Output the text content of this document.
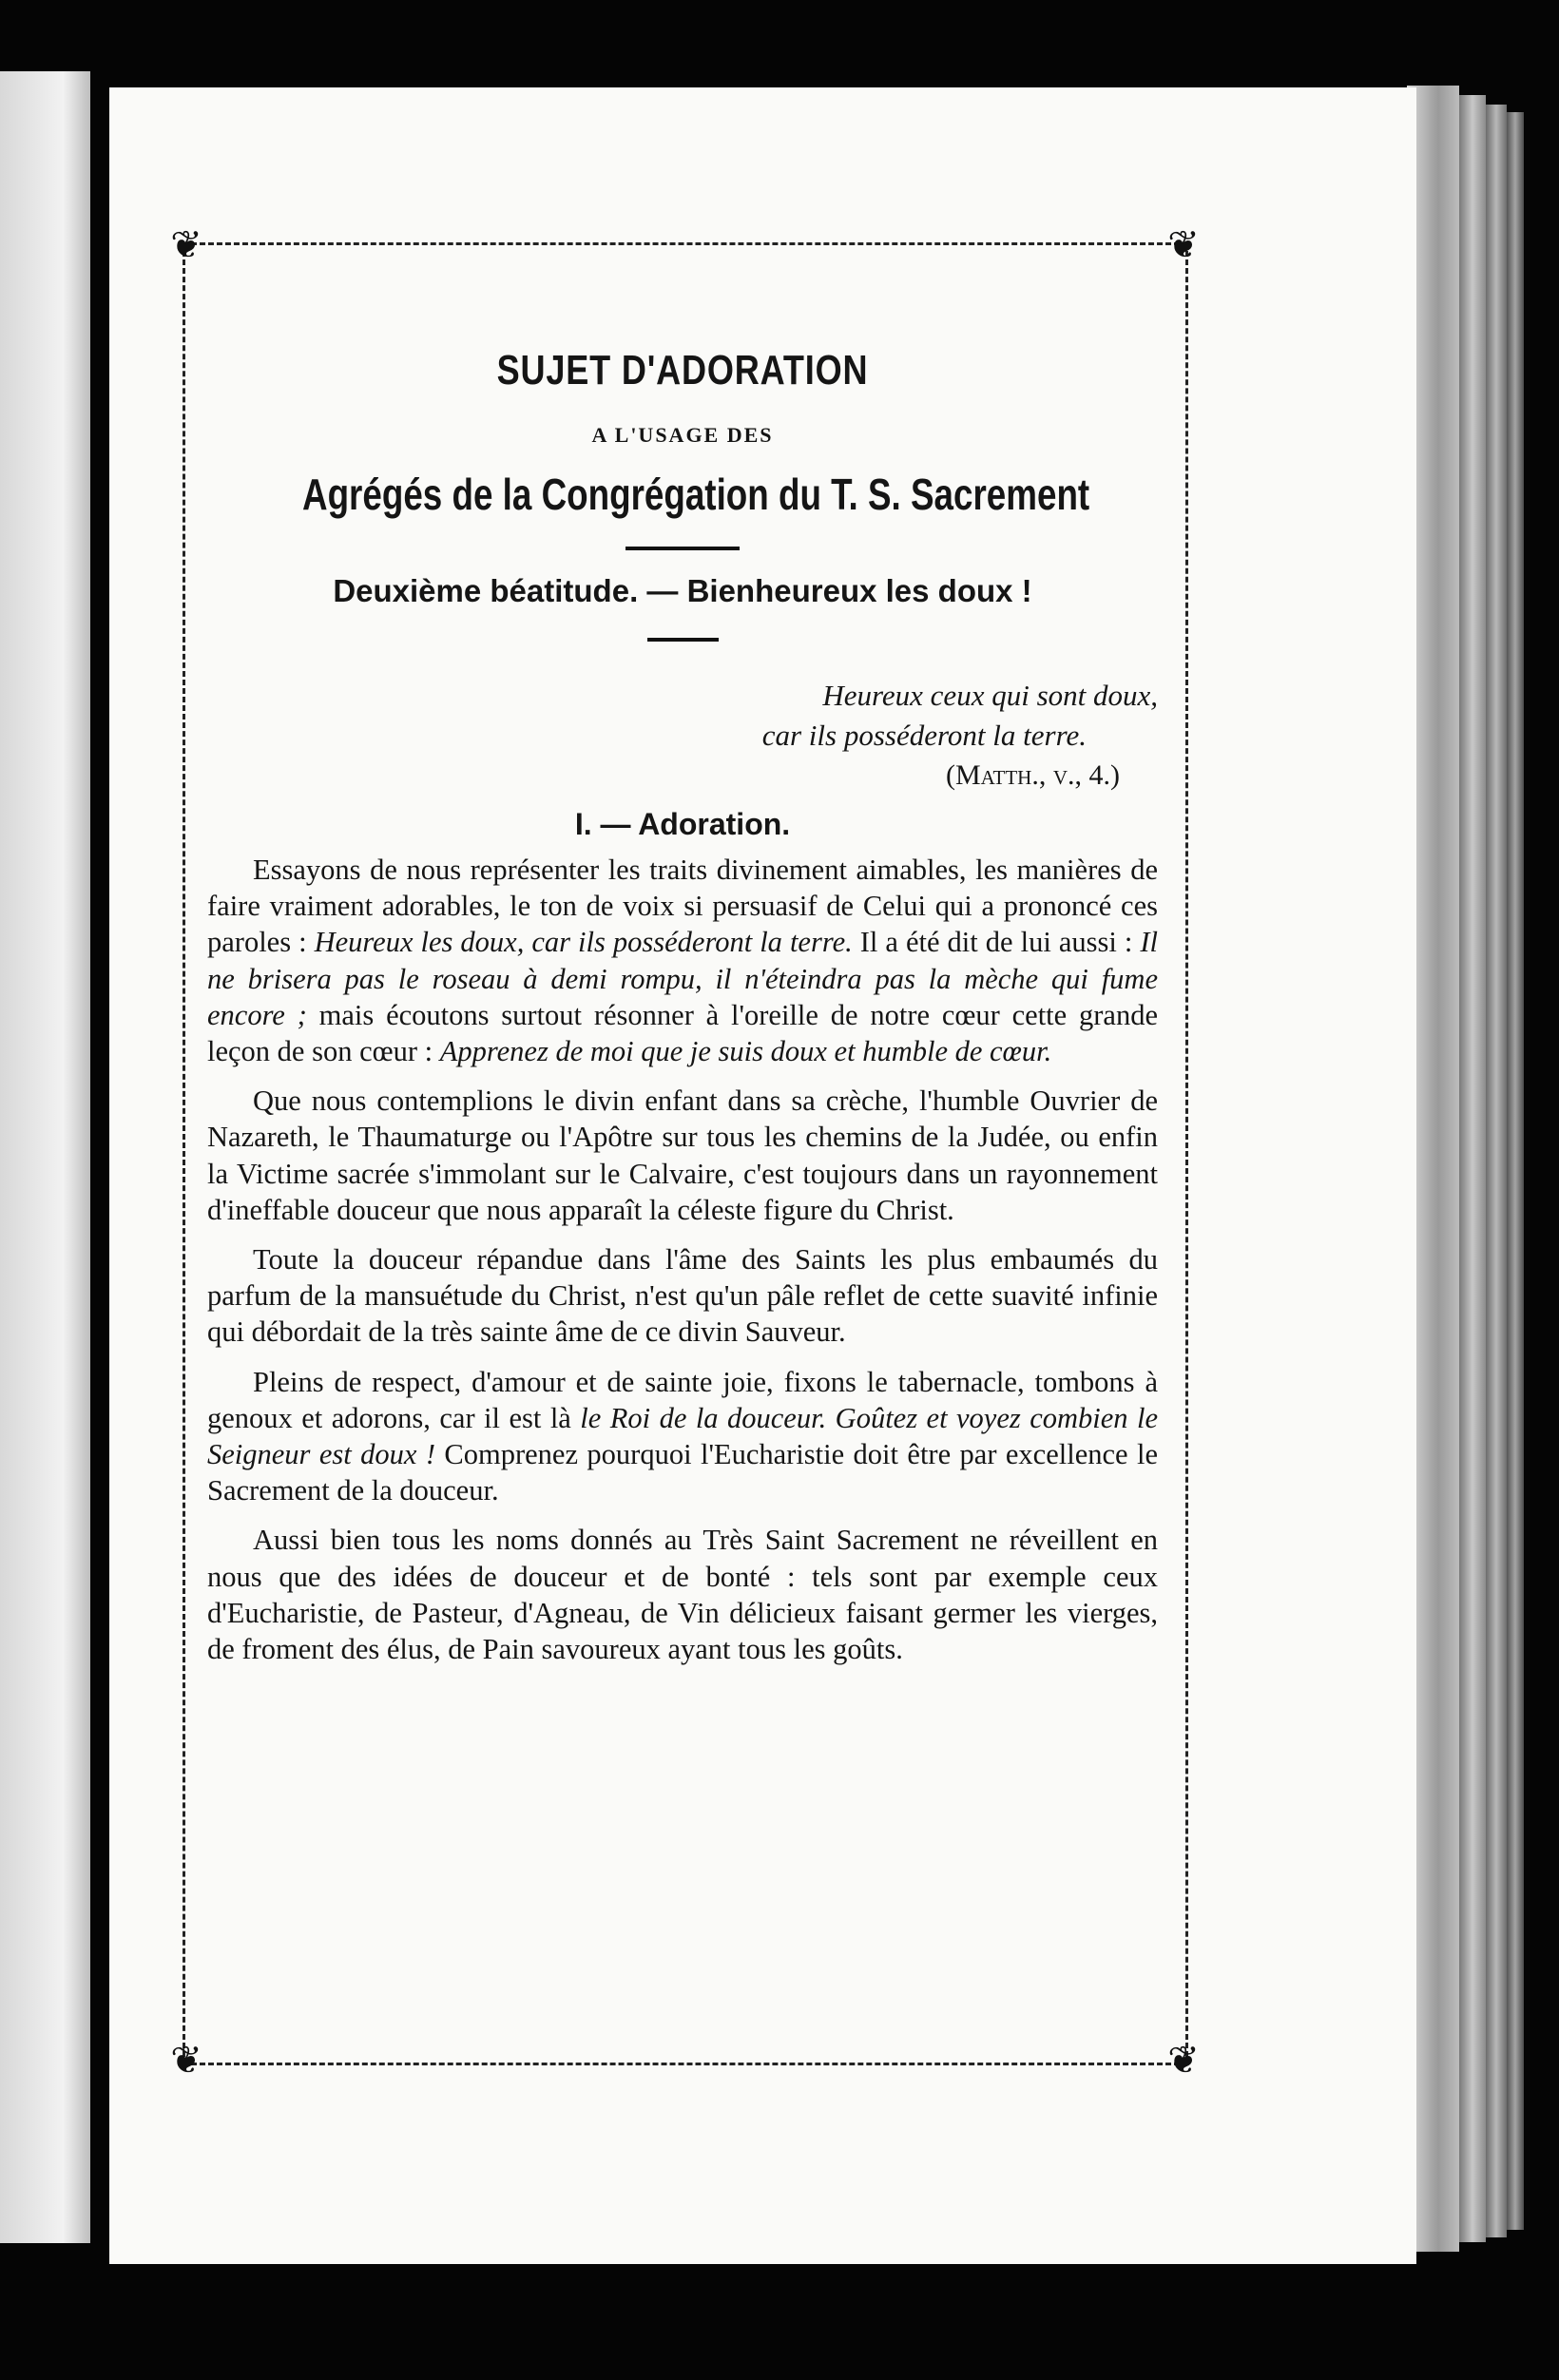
❦	❦
❦	❦
SUJET D'ADORATION
A L'USAGE DES
Agrégés de la Congrégation du T. S. Sacrement
Deuxième béatitude. — Bienheureux les doux !
Heureux ceux qui sont doux,
car ils posséderont la terre.
(Matth., v., 4.)
I. — Adoration.

Essayons de nous représenter les traits divinement aimables, les manières de faire vraiment adorables, le ton de voix si persuasif de Celui qui a prononcé ces paroles : Heureux les doux, car ils posséderont la terre. Il a été dit de lui aussi : Il ne brisera pas le roseau à demi rompu, il n'éteindra pas la mèche qui fume encore ; mais écoutons surtout résonner à l'oreille de notre cœur cette grande leçon de son cœur : Apprenez de moi que je suis doux et humble de cœur.

Que nous contemplions le divin enfant dans sa crèche, l'humble Ouvrier de Nazareth, le Thaumaturge ou l'Apôtre sur tous les chemins de la Judée, ou enfin la Victime sacrée s'immolant sur le Calvaire, c'est toujours dans un rayonnement d'ineffable douceur que nous apparaît la céleste figure du Christ.

Toute la douceur répandue dans l'âme des Saints les plus embaumés du parfum de la mansuétude du Christ, n'est qu'un pâle reflet de cette suavité infinie qui débordait de la très sainte âme de ce divin Sauveur.

Pleins de respect, d'amour et de sainte joie, fixons le tabernacle, tombons à genoux et adorons, car il est là le Roi de la douceur. Goûtez et voyez combien le Seigneur est doux ! Comprenez pourquoi l'Eucharistie doit être par excellence le Sacrement de la douceur.

Aussi bien tous les noms donnés au Très Saint Sacrement ne réveillent en nous que des idées de douceur et de bonté : tels sont par exemple ceux d'Eucharistie, de Pasteur, d'Agneau, de Vin délicieux faisant germer les vierges, de froment des élus, de Pain savoureux ayant tous les goûts.
